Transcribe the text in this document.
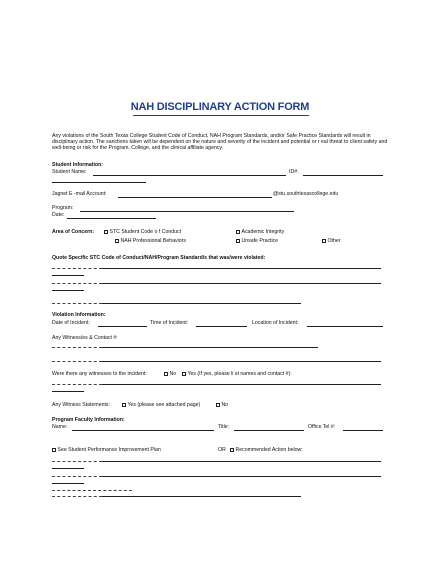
NAH DISCIPLINARY ACTION FORM
Any violations of the South Texas College Student Code of Conduct, NAH Program Standards, and/or Safe Practice Standards will result in disciplinary action. The sanctions taken will be dependent on the nature and severity of the incident and potential or r eal threat to client safety and well-being or risk for the Program, College, and the clinical affiliate agency.
Student Information:
Student Name:	ID#:
Jagnet E -mail Account:	@stu.southtexascollege.edu
Program:
Date:
Area of Concern:	STC Student Code o f Conduct	Academic Integrity
NAH Professional Behaviors	Unsafe Practice	Other
Quote Specific STC Code of Conduct/NAH/Program Standard/s that was/were violated:
Violation Information:
Date of Incident:	Time of Incident:	Location of Incident:
Any Witness/es & Contact #:
Were there any witnesses to the incident:	No	Yes (If yes, please li st names and contact #):
Any Witness Statements:	Yes (please see attached page)	No
Program Faculty Information:
Name:	Title:	Office Tel #:
See Student Performance Improvement Plan	OR	Recommended Action below:
